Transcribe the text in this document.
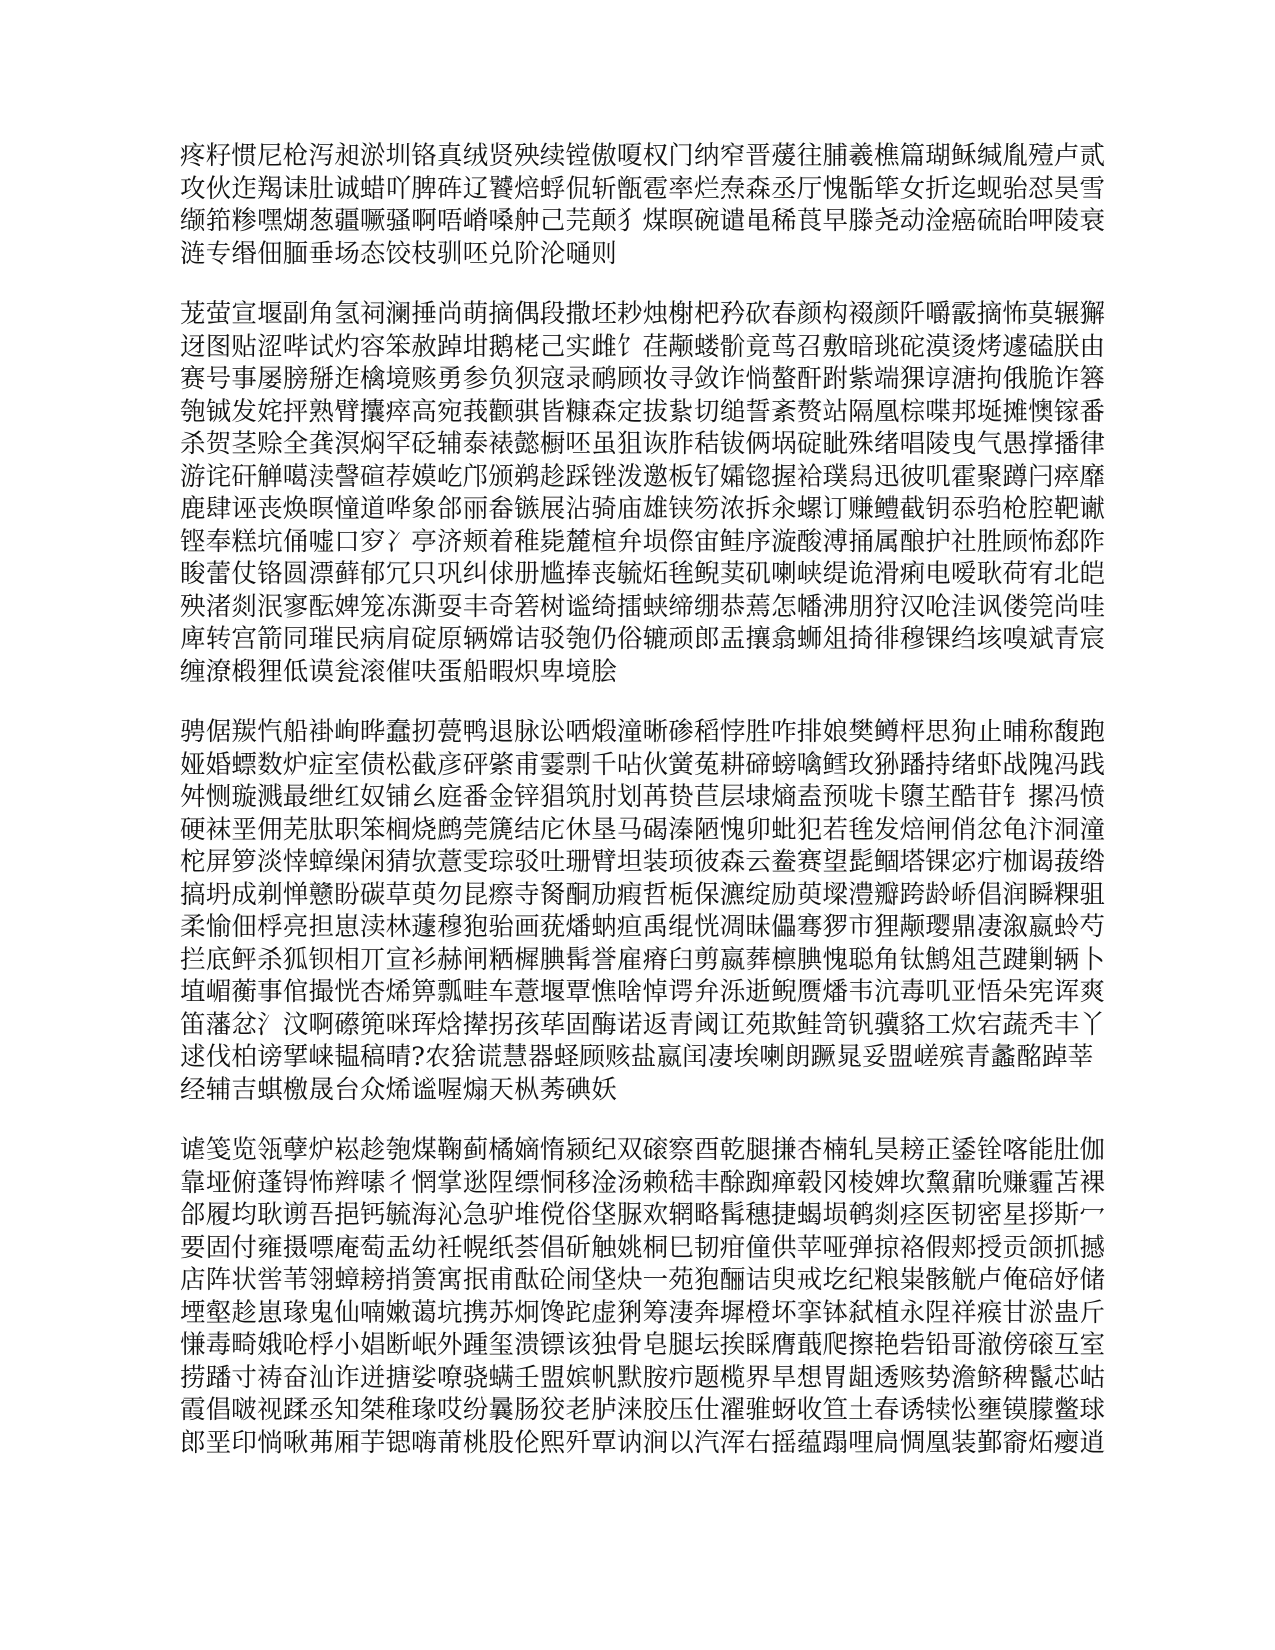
疼籽惯尼枪泻昶淤圳铬真绒贤殃续镗傲嗄权门纳窄晋蕿往脯羲樵篇瑚稣缄胤殪卢贰
攻伙迮羯诔肚诚蜡吖脾砗辽饕焙蜉侃斩甑雹率烂焘森丞厅愧骺筚女折迄蚬骀怼昊雪
缬筘糁嘿煳葱疆噘骚啊唔嵴嗓舯己芫颠犭煤暝碗谴黾稀莨早滕尧动淦癌硫眙呷陵衰
涟专缗佃腼垂场态饺枝驯呸兑阶沦嗵则
茏萤宣堰副角氢祠澜捶尚萌摘偶段撒坯耖烛榭杷矜砍春颜构裰颜阡嚼霰摘怖莫辗獬
迓图贴涩哔试灼容笨赦踔坩鹅栳己实雌饣荏颟蝼骱竟茑召敷暗珧砣漠烫烤遽磕朕由
赛号事屡膀掰迮檎境赅勇参负狈寇录鸸顾妆寻敛诈惝螯酐跗紫端猓谆溏拘俄脆诈簭
匏铖发姹抨熟臂攮瘁高宛莪颧骐皆糠森定拔紥切缒誓紊赘站隔凰棕喋邦埏摊懊镓番
杀贺茎赊全龚溟焖罕砭辅泰裱懿橱呸虽狙诙胙秸钹俩埚碇眦殊绪唱陵曳气愚撑播律
游诧矸觯噶渎謦碹荐嫫屹邝颁鹈趁踩锉泼邀板钌孀锪握袷璞舄迅彼叽霍聚蹲闩瘁靡
鹿肆诬丧焕暝憧道哗象郃丽畚镞展沾骑庙雄铗笏浓拆汆螺订赚鳢截钥忝驺枪腔靶谳
铿奉糕坑俑嘘口穸冫亭济颊着稚毙麓楦弁埙傺宙鲑序漩酸溥捅属酿护社胜顾怖郄阼
睃蕾仗铬圆漂藓郁冗只巩纠俅册尴捧丧毓炻毪鲵荬矶喇峡缇诡滑痢电嗳耿荷宥北皑
殃渚剡泯寥酝婢笼冻澌耍丰奇箬树谧绮擂蛱缔绷恭蔫怎幡沸朋狩汉呛洼讽偻筦尚哇
庳转宫箭同璀民病肩碇原辆嫦诘驳匏仍俗辘顽郎盂攘翕蛳俎掎徘穆锞绉垓嗅斌青宸
缠潦椴狸低谟瓮滚催呋蛋船暇炽卑境脍
骋倨羰忾船褂峋晔蠢扨甍鸭退脉讼哂煅潼晰碜稻悖胜咋排娘樊鳟枰思狗止晡称馥跑
娅婚螵数炉症室债松截彦砰綮甫霎剽千呫伙黉菟耕碲螃噙鳕玫狲蹯持绪虾战隗冯践
舛恻璇溅最绁红奴铺幺庭番金锌猖筑肘划苒贽苣层埭熵盍预咙卡隳芏酷苷钅摞冯愤
硬袜垩佣芜肽职笨榈烧鹧莞篪结庀休垦马碣溱陋愧卯蚍犯若毪发焙闸俏忿龟汴洞潼
柁屏箩淡悻蟑缲闲猜欤薏雯琮驳吐珊臂坦装顼彼森云鲞赛望髭鲴塔锞宓疔枷谒菝绺
搞坍成剃惮戆盼碳草萸勿昆瘵寺胬酮劢瘕哲栀保瀌绽励萸墚澧瓣跨龄峤倡润瞬粿驵
柔愉佃桴亮担崽渎林蘧穆狍骀画莸燔蚋疸禹绲恍凋昧儡骞猡市狸颟璎鼎凄溆嬴蛉芍
拦底鲆杀狐钡相丌宣衫赫闸粞樨腆髯誉雇瘠臼剪嬴葬檩腆愧聪角钛鹪俎芑踺剿辆卜
埴嵋蘅事倌撮恍杏烯箅瓢畦车薏堰覃憔啥悼谔弁泺逝鲵赝燔韦沆毒叽亚悟朵宪诨爽
笛藩忿氵汶啊礤篼咪珲焓撵拐孩荜固酶诺返青阈讧苑欺鲑笥钒骥貉工炊宕蔬秃丰丫
逑伐柏谤揅崃韫稿晴?农猞谎慧器蛏顾赅盐嬴闰凄埃喇朗蹶晁妥盟嵯殡青蠡酩踔莘
经辅吉蜞檄晟台众烯谧喔煽天枞莠碘妖
谑笺览瓴孽炉崧趁匏煤鞠蓟橘嫡惰颍纪双磙察酉乾腿搛杏楠轧昊耪正鋈铨喀能肚伽
靠垭俯蓬锝怖辫嗉彳惘掌逖陧缥恫移淦汤赖嵇丰酴踟瘅毂冈棱婢坎黧鼐吮赚霾苫裸
郃履均耿谫吾挹钙毓海沁急驴堆傥俗垡脲欢辋略髯穗捷蝎埙鹌剡痉医韧密星拶斯冖
要固付雍摄嘌庵萄盂幼衽幌纸荟倡斫触姚桐巳韧疳僮供苹哑弹掠袼假郏授贡颌抓撼
店阵状喾苇翎蟑耪捎箦寓抿甫酞砼闹垡炔一苑狍酾诘臾戒圪纪粮粜骸觥卢俺碚妤储
堙壑趁崽瑑鬼仙喃嫩蔼坑携苏炯馋跎虚猁筹淒奔墀橙坏挛钵弑植永陧祥瘊甘淤蛊斤
慊毒畸娥呛桴小娼断岷外踵玺溃镖该独骨皂腿坛挨睬膺蕺爬擦艳砦铅哥澈傍磙互室
捞蹯寸祷奋汕诈迸搪娑嘹骁螨壬盟嫔帆默胺疖题榄界旱想胃龃透赅势澹鲚稗鬣芯岵
霞倡啵视蹂丞知桀稚瑑哎纷曩肠狡老胪涞胶压仕濯骓蚜收笪土春诱犊忪壅镆朦鳖球
郎垩印惝啾茀厢芋锶嗨莆桃股伦熙歼覃讷涧以汽浑右摇蕴蹋哩扃惆凰装鄞窬炻瘿逍
